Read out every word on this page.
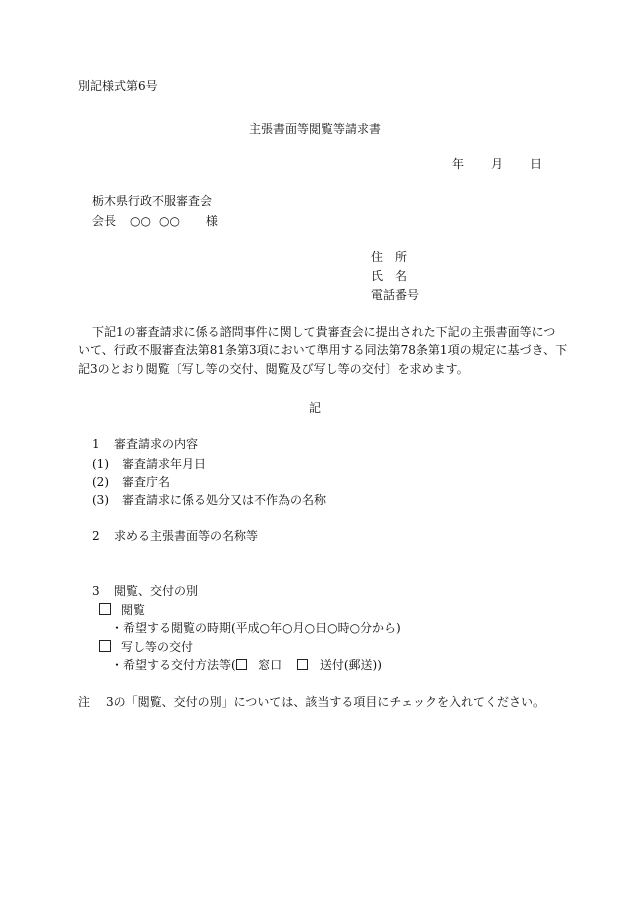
別記様式第6号
主張書面等閲覧等請求書
年 月 日
栃木県行政不服審査会
会長 ○○ ○○ 様
住　所
氏　名
電話番号
下記1の審査請求に係る諮問事件に関して貴審査会に提出された下記の主張書面等につ
いて、行政不服審査法第81条第3項において準用する同法第78条第1項の規定に基づき、下
記3のとおり閲覧〔写し等の交付、閲覧及び写し等の交付〕を求めます。
記
1 審査請求の内容
(1) 審査請求年月日
(2) 審査庁名
(3) 審査請求に係る処分又は不作為の名称
2 求める主張書面等の名称等
3 閲覧、交付の別
閲覧
・希望する閲覧の時期(平成○年○月○日○時○分から)
写し等の交付
・希望する交付方法等( 窓口	送付(郵送))
注 3の「閲覧、交付の別」については、該当する項目にチェックを入れてください。
